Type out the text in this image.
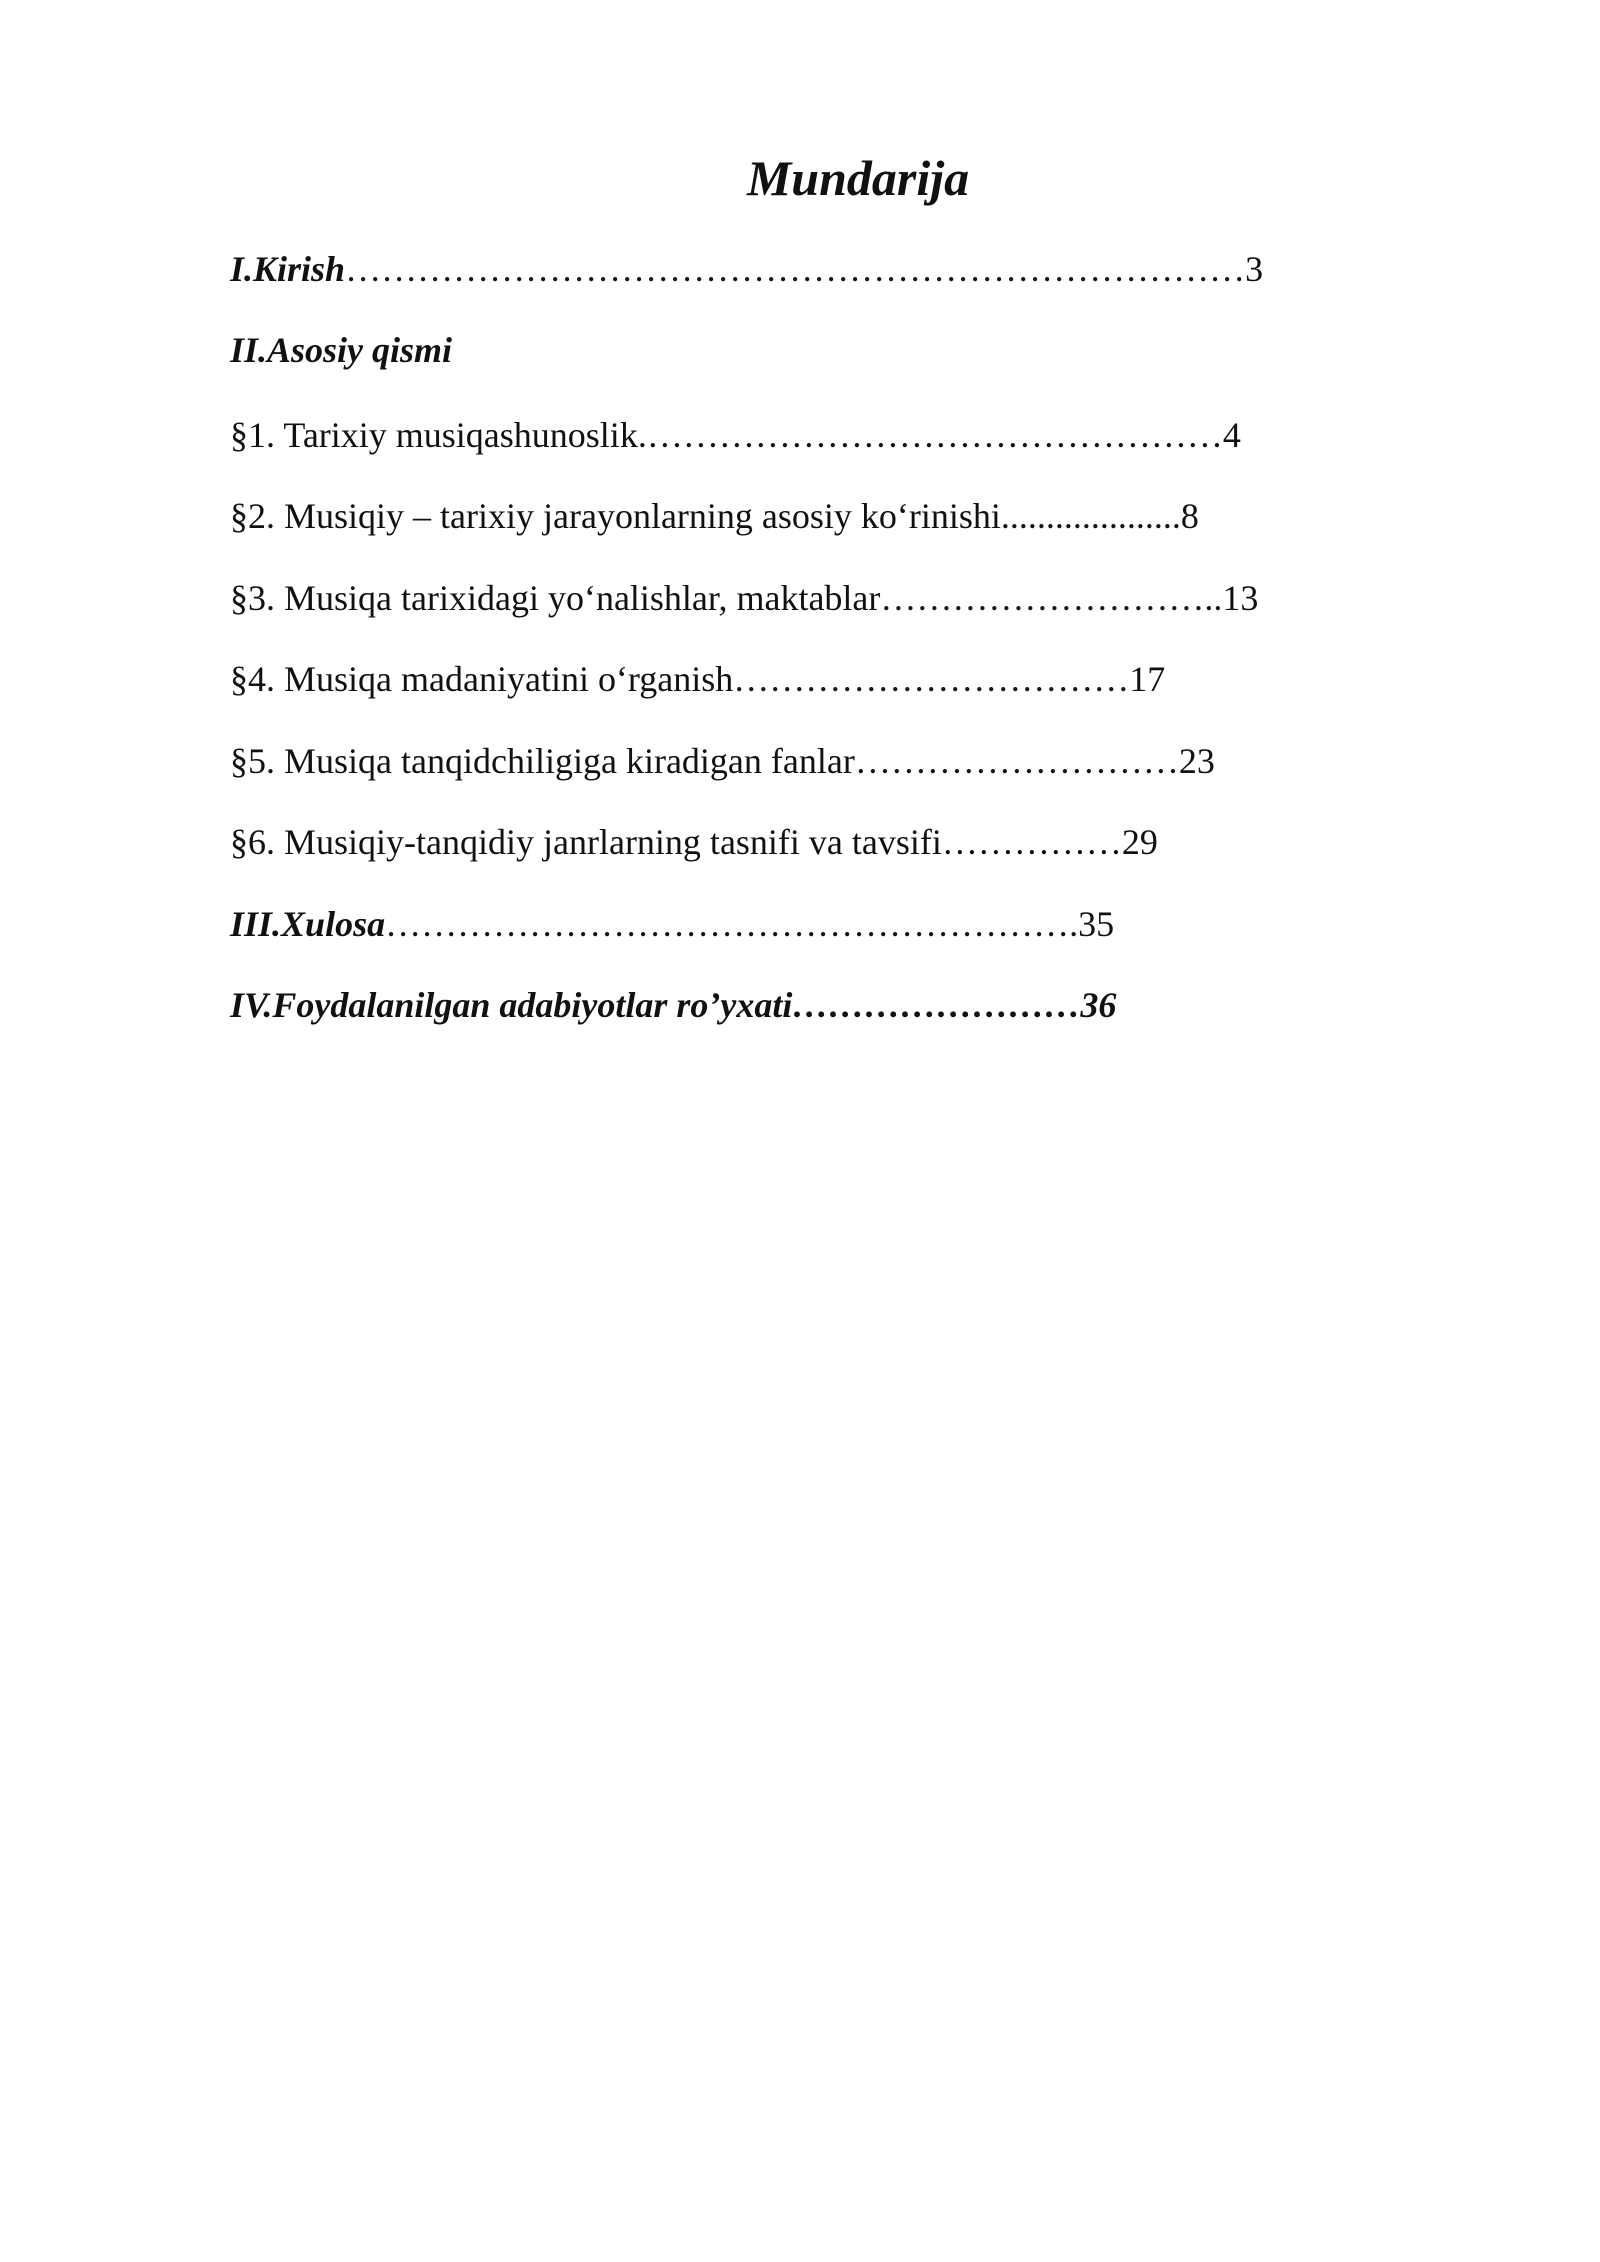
Mundarija
I.Kirish…………………………………………………………………3
II.Asosiy qismi
§1. Tarixiy musiqashunoslik.…………………………………………4
§2. Musiqiy – tarixiy jarayonlarning asosiy ko‘rinishi....................8
§3. Musiqa tarixidagi yo‘nalishlar, maktablar………………………..13
§4. Musiqa madaniyatini o‘rganish……………………………17
§5. Musiqa tanqidchiligiga kiradigan fanlar………………………23
§6. Musiqiy-tanqidiy janrlarning tasnifi va tavsifi……………29
III.Xulosa………………………………………………….35
IV.Foydalanilgan adabiyotlar ro’yxati……………………36
